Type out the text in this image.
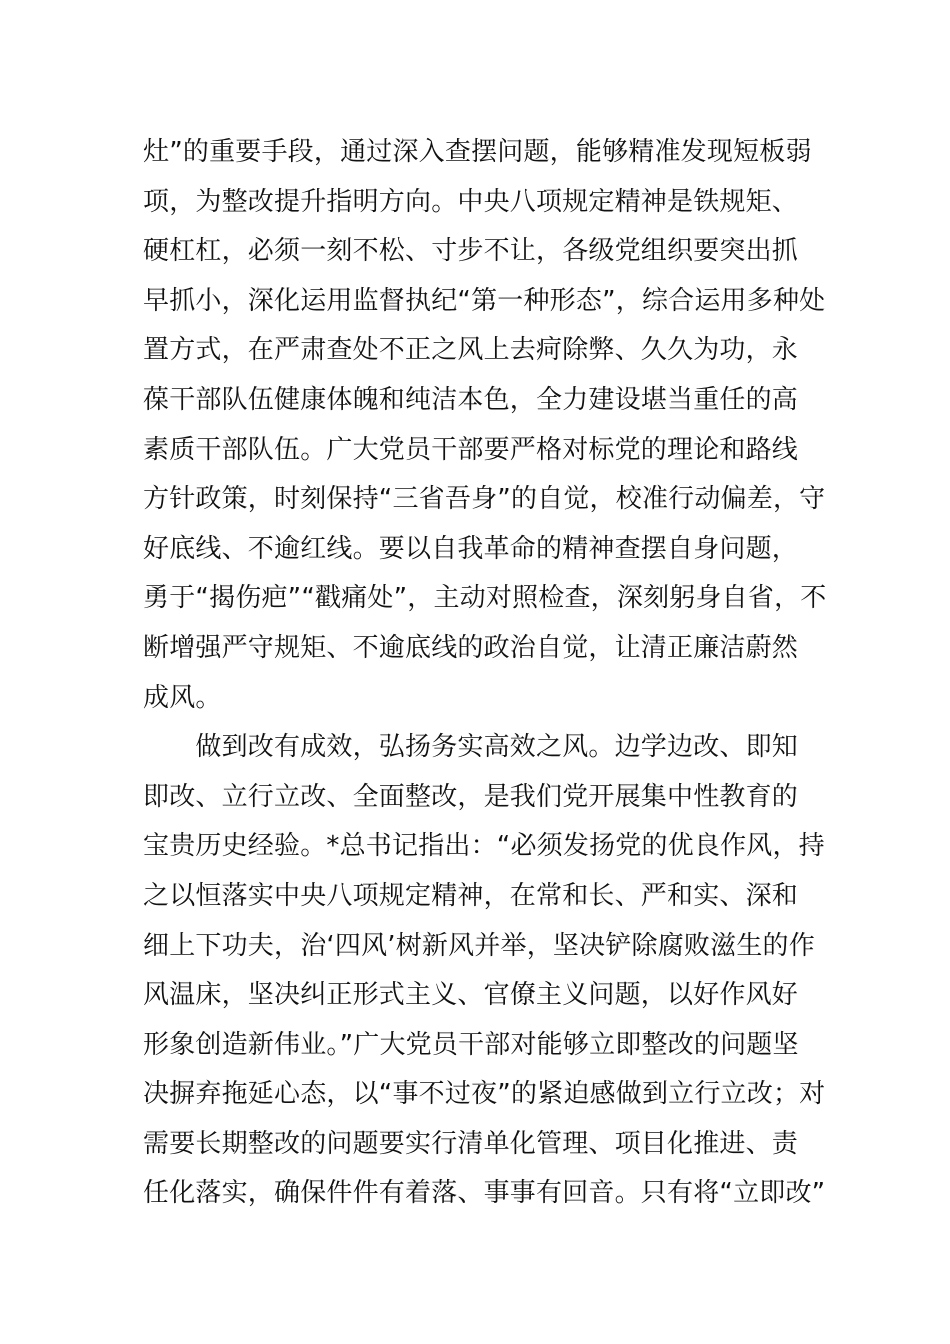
灶”的重要手段，通过深入查摆问题，能够精准发现短板弱
项，为整改提升指明方向。中央八项规定精神是铁规矩、
硬杠杠，必须一刻不松、寸步不让，各级党组织要突出抓
早抓小，深化运用监督执纪“第一种形态”，综合运用多种处
置方式，在严肃查处不正之风上去疴除弊、久久为功，永
葆干部队伍健康体魄和纯洁本色，全力建设堪当重任的高
素质干部队伍。广大党员干部要严格对标党的理论和路线
方针政策，时刻保持“三省吾身”的自觉，校准行动偏差，守
好底线、不逾红线。要以自我革命的精神查摆自身问题，
勇于“揭伤疤”“戳痛处”，主动对照检查，深刻躬身自省，不
断增强严守规矩、不逾底线的政治自觉，让清正廉洁蔚然
成风。
　　做到改有成效，弘扬务实高效之风。边学边改、即知
即改、立行立改、全面整改，是我们党开展集中性教育的
宝贵历史经验。*总书记指出：“必须发扬党的优良作风，持
之以恒落实中央八项规定精神，在常和长、严和实、深和
细上下功夫，治‘四风’树新风并举，坚决铲除腐败滋生的作
风温床，坚决纠正形式主义、官僚主义问题，以好作风好
形象创造新伟业。”广大党员干部对能够立即整改的问题坚
决摒弃拖延心态，以“事不过夜”的紧迫感做到立行立改；对
需要长期整改的问题要实行清单化管理、项目化推进、责
任化落实，确保件件有着落、事事有回音。只有将“立即改”
